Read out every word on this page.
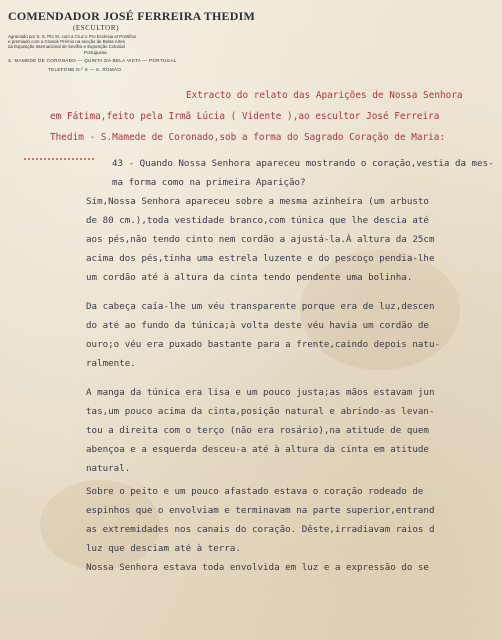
COMENDADOR JOSÉ FERREIRA THEDIM
(ESCULTOR)
Agraciado por S. S. Pio XI, com a Cruz e Pro Ecclesia et Pontifice
e premiado com a Grande Prémio na secção de Belas Artes
da Exposição Internacional de Sevilha e Exposição Colonial
Portuguesa.
S. MAMEDE DE CORONADO — QUINTA DA BELA VISTA — PORTUGAL
TELEFONE N.º 6 — S. ROMÃO
Extracto do relato das Aparições de Nossa Senhora
em Fátima,feito pela Irmã Lúcia ( Vidente ),ao escultor José Ferreira
Thedim - S.Mamede de Coronado,sob a forma do Sagrado Coração de Maria:
43 - Quando Nossa Senhora apareceu mostrando o coração,vestia da mes-
ma forma como na primeira Aparição?
Sim,Nossa Senhora apareceu sobre a mesma azinheira (um arbusto
de 80 cm.),toda vestidade branco,com túnica que lhe descia até
aos pés,não tendo cinto nem cordão a ajustá-la.À altura da 25cm
acima dos pés,tinha uma estrela luzente e do pescoço pendia-lhe
um cordão até à altura da cinta tendo pendente uma bolinha.
Da cabeça caía-lhe um véu transparente porque era de luz,descen
do até ao fundo da túnica;à volta deste véu havia um cordão de
ouro;o véu era puxado bastante para a frente,caindo depois natu-
ralmente.
A manga da túnica era lisa e um pouco justa;as mãos estavam jun
tas,um pouco acima da cinta,posição natural e abrindo-as levan-
tou a direita com o terço (não era rosário),na atitude de quem
abençoa e a esquerda desceu-a até à altura da cinta em atitude
natural.
Sobre o peito e um pouco afastado estava o coração rodeado de
espinhos que o envolviam e terminavam na parte superior,entrand
as extremidades nos canais do coração. Dêste,irradiavam raios d
luz que desciam até à terra.
Nossa Senhora estava toda envolvida em luz e a expressão do se
